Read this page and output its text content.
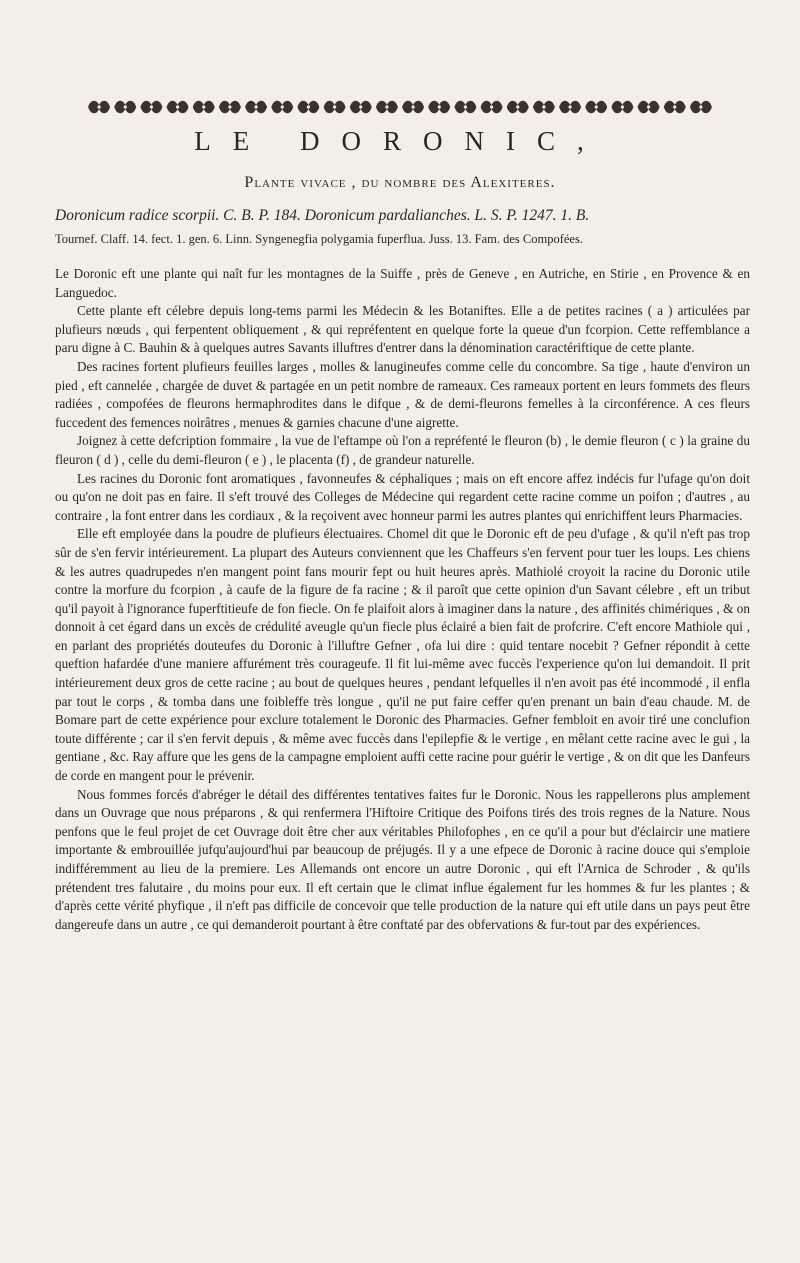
LE DORONIC,
Plante vivace , du nombre des Alexiteres.
Doronicum radice scorpii. C. B. P. 184. Doronicum pardalianches. L. S. P. 1247. 1. B.
Tournef. Claff. 14. fect. 1. gen. 6. Linn. Syngenegfia polygamia fuperflua. Juss. 13. Fam. des Compofées.

Le Doronic eft une plante qui naît fur les montagnes de la Suiffe , près de Geneve , en Autriche, en Stirie , en Provence & en Languedoc.

Cette plante eft célebre depuis long-tems parmi les Médecin & les Botaniftes. Elle a de petites racines ( a ) articulées par plufieurs nœuds , qui ferpentent obliquement , & qui repréfentent en quelque forte la queue d'un fcorpion. Cette reffemblance a paru digne à C. Bauhin & à quelques autres Savants illuftres d'entrer dans la dénomination caractériftique de cette plante.

Des racines fortent plufieurs feuilles larges , molles & lanugineufes comme celle du concombre. Sa tige , haute d'environ un pied , eft cannelée , chargée de duvet & partagée en un petit nombre de rameaux. Ces rameaux portent en leurs fommets des fleurs radiées , compofées de fleurons hermaphrodites dans le difque , & de demi-fleurons femelles à la circonférence. A ces fleurs fuccedent des femences noirâtres , menues & garnies chacune d'une aigrette.

Joignez à cette defcription fommaire , la vue de l'eftampe où l'on a repréfenté le fleuron (b) , le demie fleuron ( c ) la graine du fleuron ( d ) , celle du demi-fleuron ( e ) , le placenta (f) , de grandeur naturelle.

Les racines du Doronic font aromatiques , favonneufes & céphaliques ; mais on eft encore affez indécis fur l'ufage qu'on doit ou qu'on ne doit pas en faire. Il s'eft trouvé des Colleges de Médecine qui regardent cette racine comme un poifon ; d'autres , au contraire , la font entrer dans les cordiaux , & la reçoivent avec honneur parmi les autres plantes qui enrichiffent leurs Pharmacies.

Elle eft employée dans la poudre de plufieurs électuaires. Chomel dit que le Doronic eft de peu d'ufage , & qu'il n'eft pas trop sûr de s'en fervir intérieurement. La plupart des Auteurs conviennent que les Chaffeurs s'en fervent pour tuer les loups. Les chiens & les autres quadrupedes n'en mangent point fans mourir fept ou huit heures après. Mathiolé croyoit la racine du Doronic utile contre la morfure du fcorpion , à caufe de la figure de fa racine ; & il paroît que cette opinion d'un Savant célebre , eft un tribut qu'il payoit à l'ignorance fuperftitieufe de fon fiecle. On fe plaifoit alors à imaginer dans la nature , des affinités chimériques , & on donnoit à cet égard dans un excès de crédulité aveugle qu'un fiecle plus éclairé a bien fait de profcrire. C'eft encore Mathiole qui , en parlant des propriétés douteufes du Doronic à l'illuftre Gefner , ofa lui dire : quid tentare nocebit ? Gefner répondit à cette queftion hafardée d'une maniere affurément très courageufe. Il fit lui-même avec fuccès l'experience qu'on lui demandoit. Il prit intérieurement deux gros de cette racine ; au bout de quelques heures , pendant lefquelles il n'en avoit pas été incommodé , il enfla par tout le corps , & tomba dans une foibleffe très longue , qu'il ne put faire ceffer qu'en prenant un bain d'eau chaude. M. de Bomare part de cette expérience pour exclure totalement le Doronic des Pharmacies. Gefner fembloit en avoir tiré une conclufion toute différente ; car il s'en fervit depuis , & même avec fuccès dans l'epilepfie & le vertige , en mêlant cette racine avec le gui , la gentiane , &c. Ray affure que les gens de la campagne emploient auffi cette racine pour guérir le vertige , & on dit que les Danfeurs de corde en mangent pour le prévenir.

Nous fommes forcés d'abréger le détail des différentes tentatives faites fur le Doronic. Nous les rappellerons plus amplement dans un Ouvrage que nous préparons , & qui renfermera l'Hiftoire Critique des Poifons tirés des trois regnes de la Nature. Nous penfons que le feul projet de cet Ouvrage doit être cher aux véritables Philofophes , en ce qu'il a pour but d'éclaircir une matiere importante & embrouillée jufqu'aujourd'hui par beaucoup de préjugés. Il y a une efpece de Doronic à racine douce qui s'emploie indifféremment au lieu de la premiere. Les Allemands ont encore un autre Doronic , qui eft l'Arnica de Schroder , & qu'ils prétendent tres falutaire , du moins pour eux. Il eft certain que le climat influe également fur les hommes & fur les plantes ; & d'après cette vérité phyfique , il n'eft pas difficile de concevoir que telle production de la nature qui eft utile dans un pays peut être dangereufe dans un autre , ce qui demanderoit pourtant à être conftaté par des obfervations & fur-tout par des expériences.
